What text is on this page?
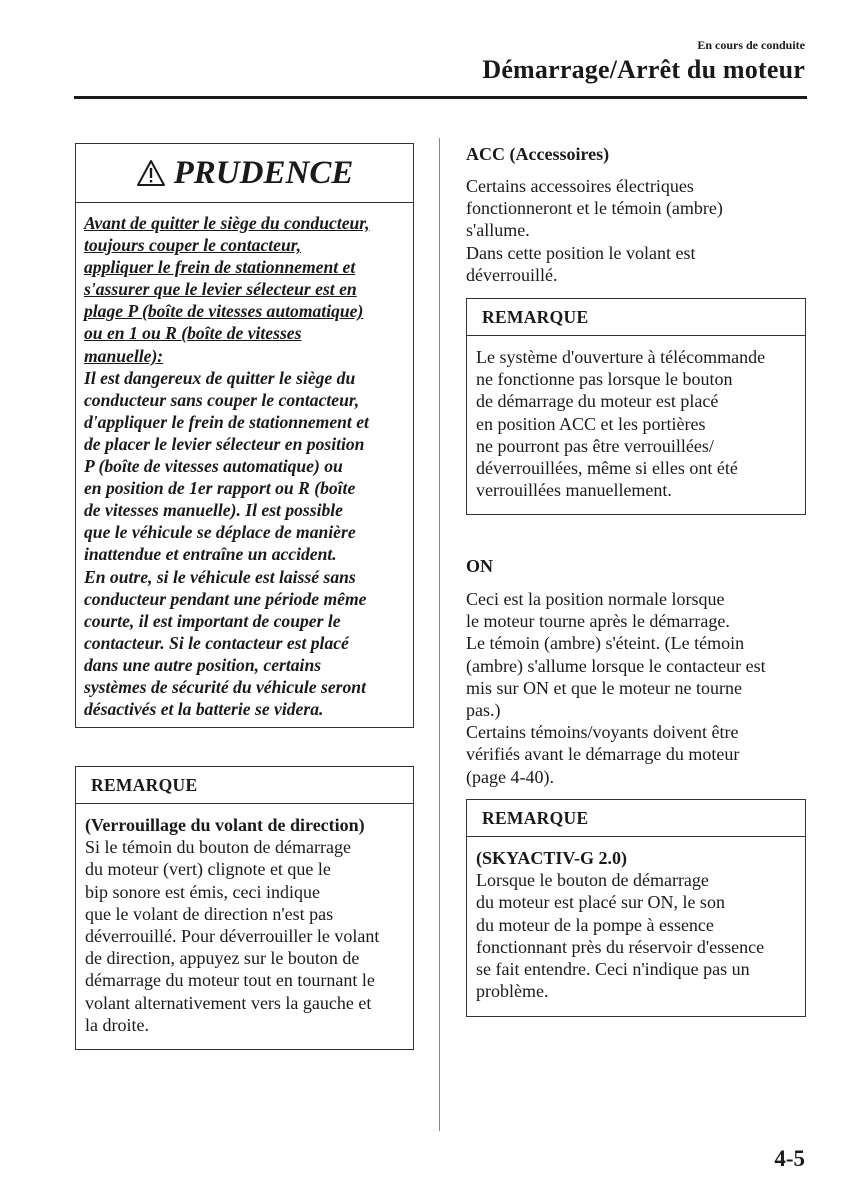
En cours de conduite
Démarrage/Arrêt du moteur
PRUDENCE
Avant de quitter le siège du conducteur,
toujours couper le contacteur,
appliquer le frein de stationnement et
s'assurer que le levier sélecteur est en
plage P (boîte de vitesses automatique)
ou en 1 ou R (boîte de vitesses
manuelle):
Il est dangereux de quitter le siège du
conducteur sans couper le contacteur,
d'appliquer le frein de stationnement et
de placer le levier sélecteur en position
P (boîte de vitesses automatique) ou
en position de 1er rapport ou R (boîte
de vitesses manuelle). Il est possible
que le véhicule se déplace de manière
inattendue et entraîne un accident.
En outre, si le véhicule est laissé sans
conducteur pendant une période même
courte, il est important de couper le
contacteur. Si le contacteur est placé
dans une autre position, certains
systèmes de sécurité du véhicule seront
désactivés et la batterie se videra.
REMARQUE
(Verrouillage du volant de direction)
Si le témoin du bouton de démarrage
du moteur (vert) clignote et que le
bip sonore est émis, ceci indique
que le volant de direction n'est pas
déverrouillé. Pour déverrouiller le volant
de direction, appuyez sur le bouton de
démarrage du moteur tout en tournant le
volant alternativement vers la gauche et
la droite.
ACC (Accessoires)
Certains accessoires électriques
fonctionneront et le témoin (ambre)
s'allume.
Dans cette position le volant est
déverrouillé.
REMARQUE
Le système d'ouverture à télécommande
ne fonctionne pas lorsque le bouton
de démarrage du moteur est placé
en position ACC et les portières
ne pourront pas être verrouillées/
déverrouillées, même si elles ont été
verrouillées manuellement.
ON
Ceci est la position normale lorsque
le moteur tourne après le démarrage.
Le témoin (ambre) s'éteint. (Le témoin
(ambre) s'allume lorsque le contacteur est
mis sur ON et que le moteur ne tourne
pas.)
Certains témoins/voyants doivent être
vérifiés avant le démarrage du moteur
(page 4-40).
REMARQUE
(SKYACTIV-G 2.0)
Lorsque le bouton de démarrage
du moteur est placé sur ON, le son
du moteur de la pompe à essence
fonctionnant près du réservoir d'essence
se fait entendre. Ceci n'indique pas un
problème.
4-5
